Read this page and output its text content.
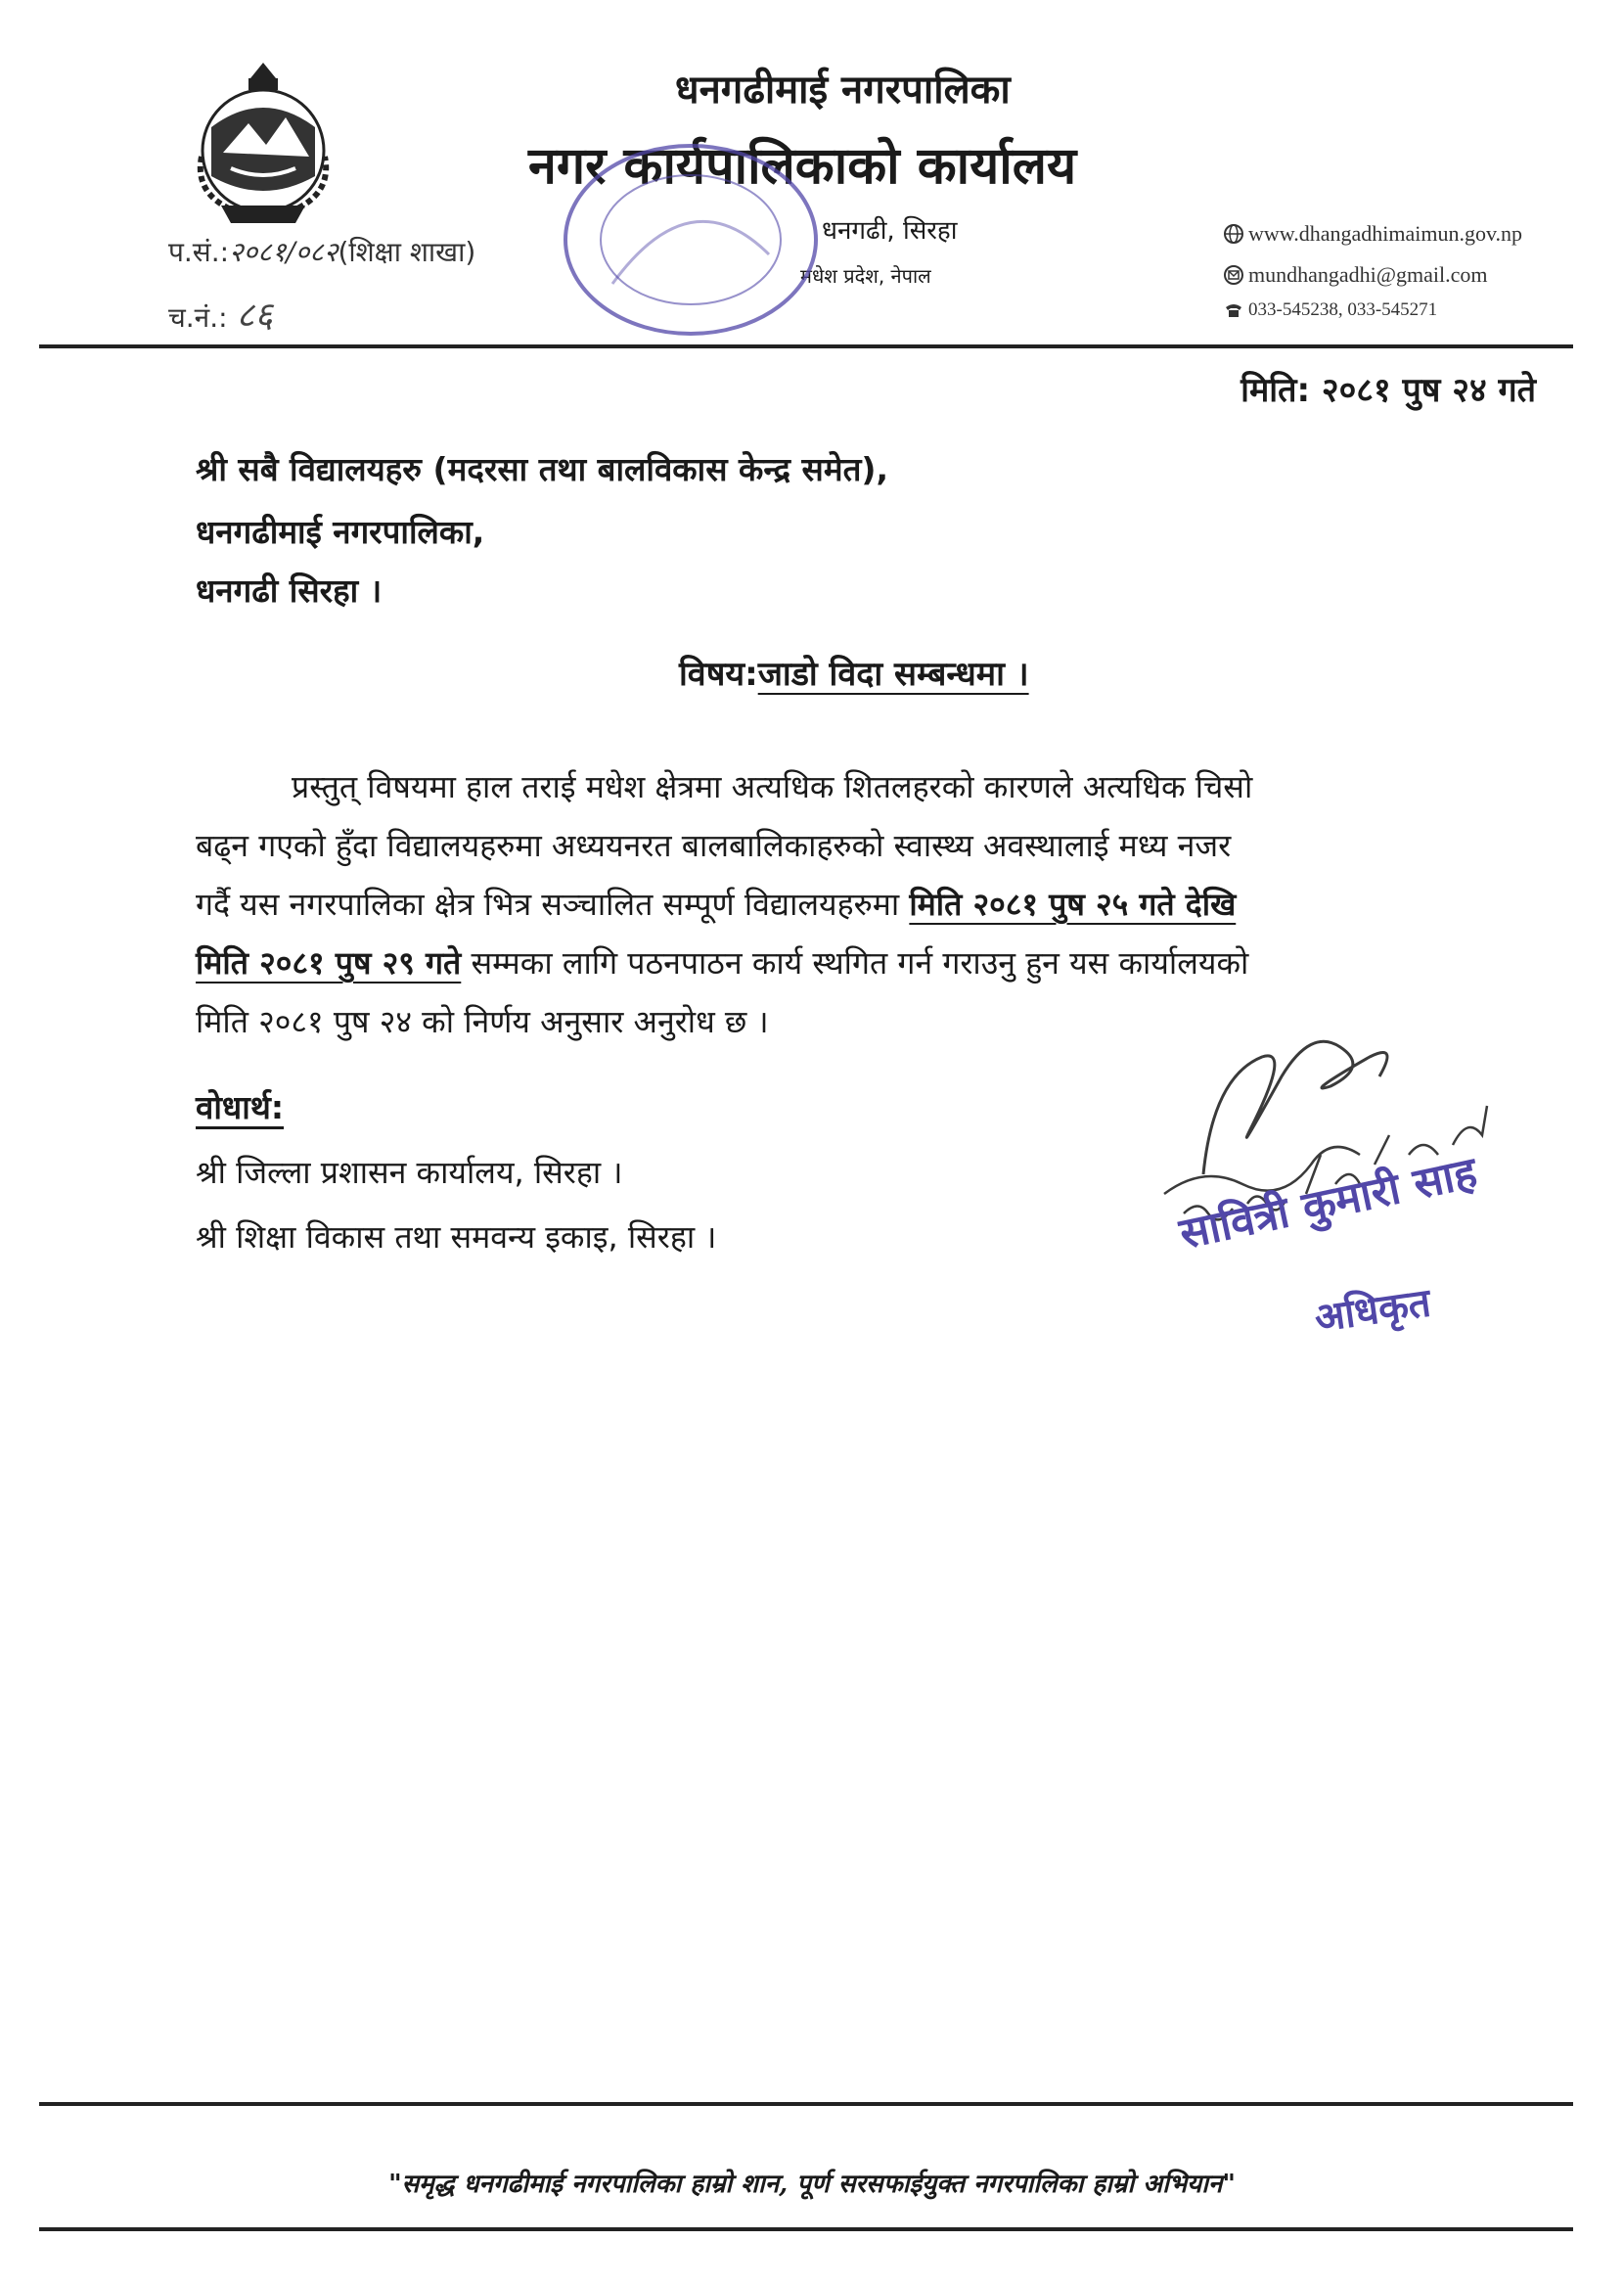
धनगढीमाई नगरपालिका
नगर कार्यपालिकाको कार्यालय
धनगढी, सिरहा
मधेश प्रदेश, नेपाल
प.सं.:२०८१/०८२(शिक्षा शाखा)
च.नं.: ८६
www.dhangadhimaimun.gov.np
mundhangadhi@gmail.com
033-545238, 033-545271
मिति: २०८१ पुष २४ गते
श्री सबै विद्यालयहरु (मदरसा तथा बालविकास केन्द्र समेत),
धनगढीमाई नगरपालिका,
धनगढी सिरहा ।
विषय:जाडो विदा सम्बन्धमा ।
प्रस्तुत् विषयमा हाल तराई मधेश क्षेत्रमा अत्यधिक शितलहरको कारणले अत्यधिक चिसो
बढ्न गएको हुँदा विद्यालयहरुमा अध्ययनरत बालबालिकाहरुको स्वास्थ्य अवस्थालाई मध्य नजर
गर्दै यस नगरपालिका क्षेत्र भित्र सञ्चालित सम्पूर्ण विद्यालयहरुमा मिति २०८१ पुष २५ गते देखि
मिति २०८१ पुष २९ गते सम्मका लागि पठनपाठन कार्य स्थगित गर्न गराउनु हुन यस कार्यालयको
मिति २०८१ पुष २४ को निर्णय अनुसार अनुरोध छ ।
वोधार्थ:
श्री जिल्ला प्रशासन कार्यालय, सिरहा ।
श्री शिक्षा विकास तथा समवन्य इकाइ, सिरहा ।	सावित्री कुमारी साह
अधिकृत
"समृद्ध धनगढीमाई नगरपालिका हाम्रो शान, पूर्ण सरसफाईयुक्त नगरपालिका हाम्रो अभियान"
